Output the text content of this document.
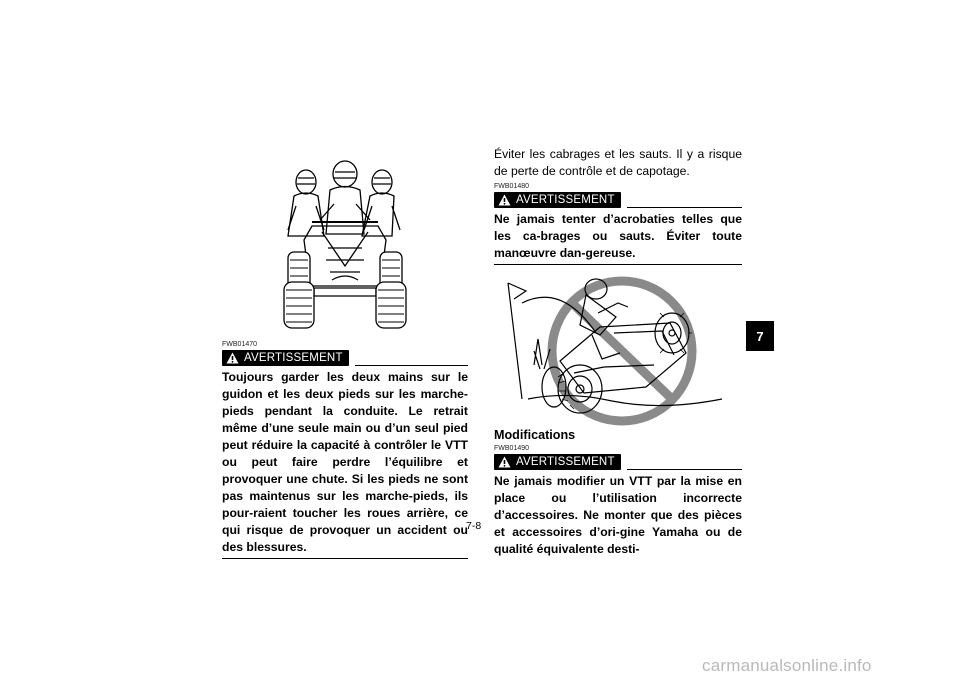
FWB01470

AVERTISSEMENT

Toujours garder les deux mains sur le guidon et les deux pieds sur les marche-pieds pendant la conduite. Le retrait même d’une seule main ou d’un seul pied peut réduire la capacité à contrôler le VTT ou peut faire perdre l’équilibre et provoquer une chute. Si les pieds ne sont pas maintenus sur les marche-pieds, ils pour-raient toucher les roues arrière, ce qui risque de provoquer un accident ou des blessures.

Éviter les cabrages et les sauts. Il y a risque de perte de contrôle et de capotage.

FWB01480

AVERTISSEMENT

Ne jamais tenter d’acrobaties telles que les ca-brages ou sauts. Éviter toute manœuvre dan-gereuse.

Modifications

FWB01490

AVERTISSEMENT

Ne jamais modifier un VTT par la mise en place ou l’utilisation incorrecte d’accessoires. Ne monter que des pièces et accessoires d’ori-gine Yamaha ou de qualité équivalente desti-

7-8
7
carmanualsonline.info
